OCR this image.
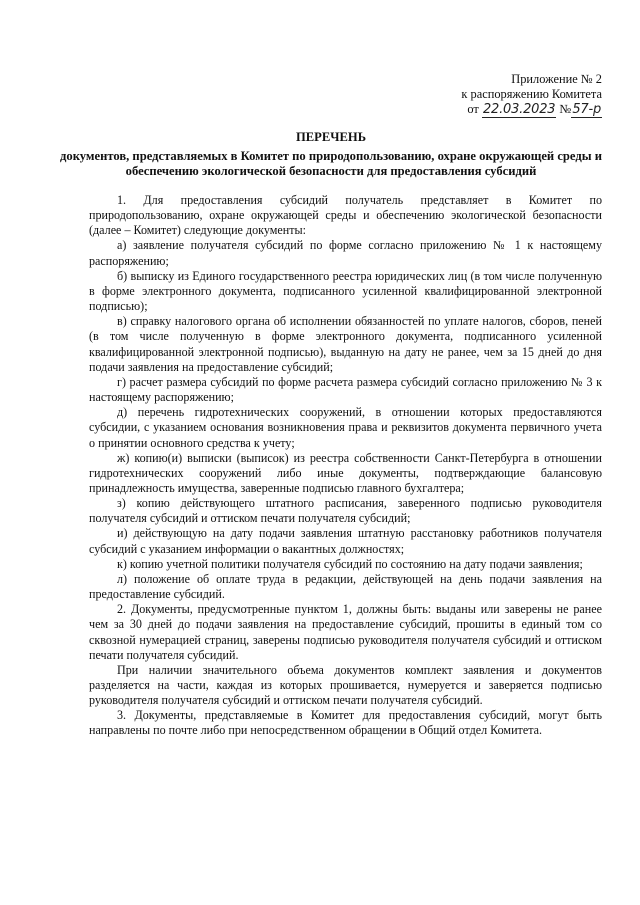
Приложение № 2
к распоряжению Комитета
от 22.03.2023 №57-р
ПЕРЕЧЕНЬ
документов, представляемых в Комитет по природопользованию, охране окружающей среды и обеспечению экологической безопасности для предоставления субсидий

1. Для предоставления субсидий получатель представляет в Комитет по природопользованию, охране окружающей среды и обеспечению экологической безопасности (далее – Комитет) следующие документы:

а) заявление получателя субсидий по форме согласно приложению № 1 к настоящему распоряжению;

б) выписку из Единого государственного реестра юридических лиц (в том числе полученную в форме электронного документа, подписанного усиленной квалифицированной электронной подписью);

в) справку налогового органа об исполнении обязанностей по уплате налогов, сборов, пеней (в том числе полученную в форме электронного документа, подписанного усиленной квалифицированной электронной подписью), выданную на дату не ранее, чем за 15 дней до дня подачи заявления на предоставление субсидий;

г) расчет размера субсидий по форме расчета размера субсидий согласно приложению № 3 к настоящему распоряжению;

д) перечень гидротехнических сооружений, в отношении которых предоставляются субсидии, с указанием основания возникновения права и реквизитов документа первичного учета о принятии основного средства к учету;

ж) копию(и) выписки (выписок) из реестра собственности Санкт-Петербурга в отношении гидротехнических сооружений либо иные документы, подтверждающие балансовую принадлежность имущества, заверенные подписью главного бухгалтера;

з) копию действующего штатного расписания, заверенного подписью руководителя получателя субсидий и оттиском печати получателя субсидий;

и) действующую на дату подачи заявления штатную расстановку работников получателя субсидий с указанием информации о вакантных должностях;

к) копию учетной политики получателя субсидий по состоянию на дату подачи заявления;

л) положение об оплате труда в редакции, действующей на день подачи заявления на предоставление субсидий.

2. Документы, предусмотренные пунктом 1, должны быть: выданы или заверены не ранее чем за 30 дней до подачи заявления на предоставление субсидий, прошиты в единый том со сквозной нумерацией страниц, заверены подписью руководителя получателя субсидий и оттиском печати получателя субсидий.

При наличии значительного объема документов комплект заявления и документов разделяется на части, каждая из которых прошивается, нумеруется и заверяется подписью руководителя получателя субсидий и оттиском печати получателя субсидий.

3. Документы, представляемые в Комитет для предоставления субсидий, могут быть направлены по почте либо при непосредственном обращении в Общий отдел Комитета.
